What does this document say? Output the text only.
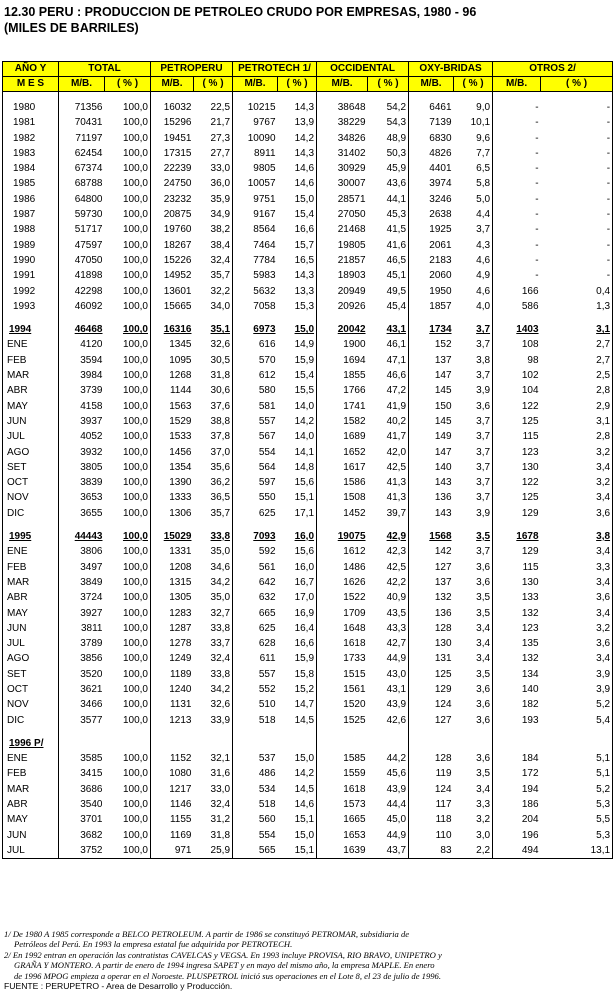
12.30 PERU : PRODUCCION DE PETROLEO CRUDO POR EMPRESAS, 1980 - 96
(MILES DE BARRILES)
AÑO Y	TOTAL		PETROPERU		PETROTECH 1/		OCCIDENTAL		OXY-BRIDAS		OTROS 2/	
M E S	M/B.	( % )	M/B.	( % )	M/B.	( % )	M/B.	( % )	M/B.	( % )	M/B.	( % )

1980	71356	100,0	16032	22,5	10215	14,3	38648	54,2	6461	9,0	-	-
1981	70431	100,0	15296	21,7	9767	13,9	38229	54,3	7139	10,1	-	-
1982	71197	100,0	19451	27,3	10090	14,2	34826	48,9	6830	9,6	-	-
1983	62454	100,0	17315	27,7	8911	14,3	31402	50,3	4826	7,7	-	-
1984	67374	100,0	22239	33,0	9805	14,6	30929	45,9	4401	6,5	-	-
1985	68788	100,0	24750	36,0	10057	14,6	30007	43,6	3974	5,8	-	-
1986	64800	100,0	23232	35,9	9751	15,0	28571	44,1	3246	5,0	-	-
1987	59730	100,0	20875	34,9	9167	15,4	27050	45,3	2638	4,4	-	-
1988	51717	100,0	19760	38,2	8564	16,6	21468	41,5	1925	3,7	-	-
1989	47597	100,0	18267	38,4	7464	15,7	19805	41,6	2061	4,3	-	-
1990	47050	100,0	15226	32,4	7784	16,5	21857	46,5	2183	4,6	-	-
1991	41898	100,0	14952	35,7	5983	14,3	18903	45,1	2060	4,9	-	-
1992	42298	100,0	13601	32,2	5632	13,3	20949	49,5	1950	4,6	166	0,4
1993	46092	100,0	15665	34,0	7058	15,3	20926	45,4	1857	4,0	586	1,3

1994	46468	100,0	16316	35,1	6973	15,0	20042	43,1	1734	3,7	1403	3,1
ENE	4120	100,0	1345	32,6	616	14,9	1900	46,1	152	3,7	108	2,7
FEB	3594	100,0	1095	30,5	570	15,9	1694	47,1	137	3,8	98	2,7
MAR	3984	100,0	1268	31,8	612	15,4	1855	46,6	147	3,7	102	2,5
ABR	3739	100,0	1144	30,6	580	15,5	1766	47,2	145	3,9	104	2,8
MAY	4158	100,0	1563	37,6	581	14,0	1741	41,9	150	3,6	122	2,9
JUN	3937	100,0	1529	38,8	557	14,2	1582	40,2	145	3,7	125	3,1
JUL	4052	100,0	1533	37,8	567	14,0	1689	41,7	149	3,7	115	2,8
AGO	3932	100,0	1456	37,0	554	14,1	1652	42,0	147	3,7	123	3,2
SET	3805	100,0	1354	35,6	564	14,8	1617	42,5	140	3,7	130	3,4
OCT	3839	100,0	1390	36,2	597	15,6	1586	41,3	143	3,7	122	3,2
NOV	3653	100,0	1333	36,5	550	15,1	1508	41,3	136	3,7	125	3,4
DIC	3655	100,0	1306	35,7	625	17,1	1452	39,7	143	3,9	129	3,6

1995	44443	100,0	15029	33,8	7093	16,0	19075	42,9	1568	3,5	1678	3,8
ENE	3806	100,0	1331	35,0	592	15,6	1612	42,3	142	3,7	129	3,4
FEB	3497	100,0	1208	34,6	561	16,0	1486	42,5	127	3,6	115	3,3
MAR	3849	100,0	1315	34,2	642	16,7	1626	42,2	137	3,6	130	3,4
ABR	3724	100,0	1305	35,0	632	17,0	1522	40,9	132	3,5	133	3,6
MAY	3927	100,0	1283	32,7	665	16,9	1709	43,5	136	3,5	132	3,4
JUN	3811	100,0	1287	33,8	625	16,4	1648	43,3	128	3,4	123	3,2
JUL	3789	100,0	1278	33,7	628	16,6	1618	42,7	130	3,4	135	3,6
AGO	3856	100,0	1249	32,4	611	15,9	1733	44,9	131	3,4	132	3,4
SET	3520	100,0	1189	33,8	557	15,8	1515	43,0	125	3,5	134	3,9
OCT	3621	100,0	1240	34,2	552	15,2	1561	43,1	129	3,6	140	3,9
NOV	3466	100,0	1131	32,6	510	14,7	1520	43,9	124	3,6	182	5,2
DIC	3577	100,0	1213	33,9	518	14,5	1525	42,6	127	3,6	193	5,4

1996 P/												
ENE	3585	100,0	1152	32,1	537	15,0	1585	44,2	128	3,6	184	5,1
FEB	3415	100,0	1080	31,6	486	14,2	1559	45,6	119	3,5	172	5,1
MAR	3686	100,0	1217	33,0	534	14,5	1618	43,9	124	3,4	194	5,2
ABR	3540	100,0	1146	32,4	518	14,6	1573	44,4	117	3,3	186	5,3
MAY	3701	100,0	1155	31,2	560	15,1	1665	45,0	118	3,2	204	5,5
JUN	3682	100,0	1169	31,8	554	15,0	1653	44,9	110	3,0	196	5,3
JUL	3752	100,0	971	25,9	565	15,1	1639	43,7	83	2,2	494	13,1
1/ De 1980 A 1985 corresponde a BELCO PETROLEUM. A partir de 1986 se constituyó PETROMAR, subsidiaria de
Petróleos del Perú. En 1993 la empresa estatal fue adquirida por PETROTECH.
2/ En 1992 entran en operación las contratistas CAVELCAS y VEGSA. En 1993 incluye PROVISA, RIO BRAVO, UNIPETRO y
GRAÑA Y MONTERO. A partir de enero de 1994 ingresa SAPET y en mayo del mismo año, la empresa MAPLE. En enero
de 1996 MPOG empieza a operar en el Noroeste. PLUSPETROL inició sus operaciones en el Lote 8, el 23 de julio de 1996.
FUENTE : PERUPETRO - Area de Desarrollo y Producción.
